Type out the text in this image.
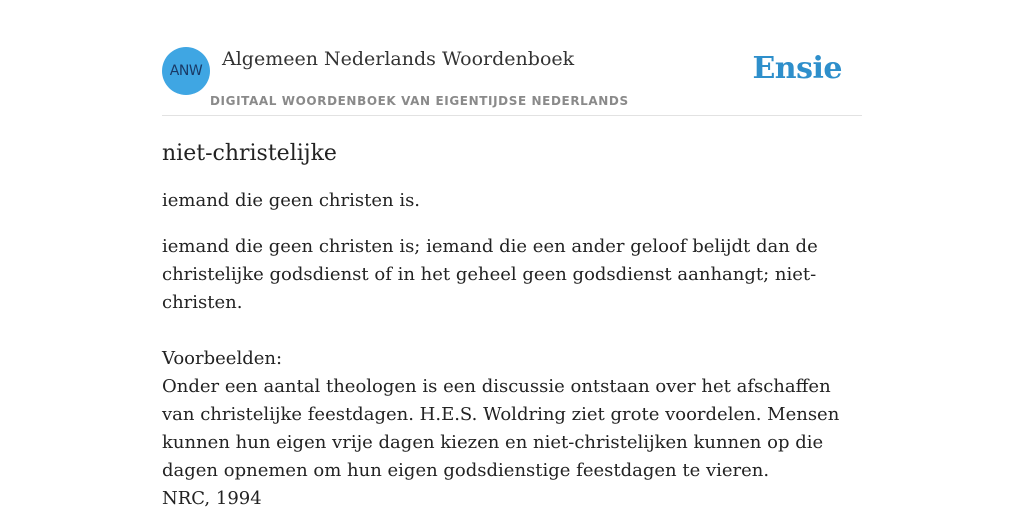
ANW
Algemeen Nederlands Woordenboek
DIGITAAL WOORDENBOEK VAN EIGENTIJDSE NEDERLANDS
Ensie
niet-christelijke

iemand die geen christen is.

iemand die geen christen is; iemand die een ander geloof belijdt dan de christelijke godsdienst of in het geheel geen godsdienst aanhangt; niet-christen.

Voorbeelden:

Onder een aantal theologen is een discussie ontstaan over het afschaffen van christelijke feestdagen. H.E.S. Woldring ziet grote voordelen. Mensen kunnen hun eigen vrije dagen kiezen en niet-christelijken kunnen op die dagen opnemen om hun eigen godsdienstige feestdagen te vieren.

NRC, 1994
